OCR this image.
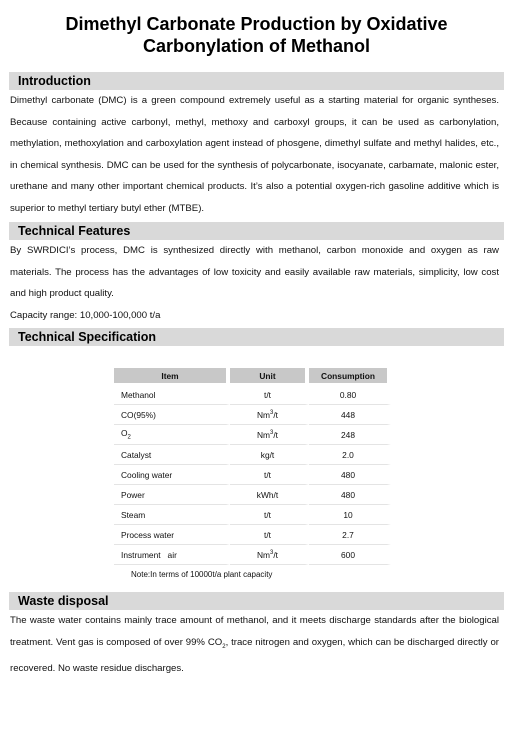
Dimethyl Carbonate Production by Oxidative
Carbonylation of Methanol
Introduction

Dimethyl carbonate (DMC) is a green compound extremely useful as a starting material for organic syntheses. Because containing active carbonyl, methyl, methoxy and carboxyl groups, it can be used as carbonylation, methylation, methoxylation and carboxylation agent instead of phosgene, dimethyl sulfate and methyl halides, etc., in chemical synthesis. DMC can be used for the synthesis of polycarbonate, isocyanate, carbamate, malonic ester, urethane and many other important chemical products. It’s also a potential oxygen-rich gasoline additive which is superior to methyl tertiary butyl ether (MTBE).

Technical Features

By SWRDICI’s process, DMC is synthesized directly with methanol, carbon monoxide and oxygen as raw materials. The process has the advantages of low toxicity and easily available raw materials, simplicity, low cost and high product quality.

Capacity range: 10,000-100,000 t/a

Technical Specification
Item	Unit	Consumption
Methanol	t/t	0.80
CO(95%)	Nm$^3$/t	448
$O_2$	Nm$^3$/t	248
Catalyst	kg/t	2.0
Cooling water	t/t	480
Power	kWh/t	480
Steam	t/t	10
Process water	t/t	2.7
Instrument   air	Nm$^3$/t	600
Note:In terms of 10000t/a plant capacity
Waste disposal

The waste water contains mainly trace amount of methanol, and it meets discharge standards after the biological treatment. Vent gas is composed of over 99% $CO_2$, trace nitrogen and oxygen, which can be discharged directly or recovered. No waste residue discharges.
